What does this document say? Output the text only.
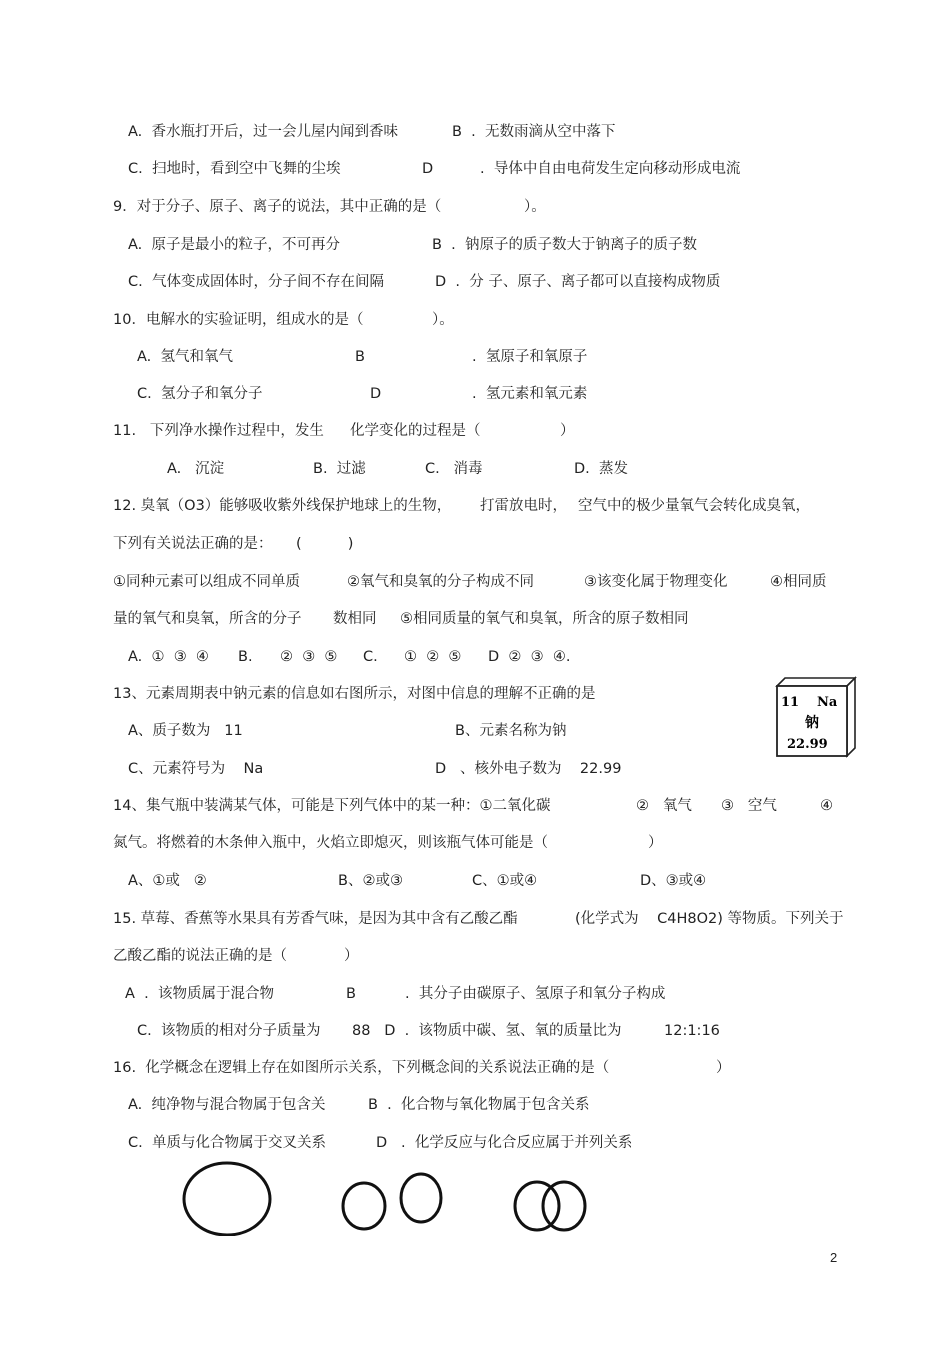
A.  香水瓶打开后，过一会儿屋内闻到香味	B  .  无数雨滴从空中落下
C.  扫地时，看到空中飞舞的尘埃	D	.  导体中自由电荷发生定向移动形成电流
9．对于分子、原子、离子的说法，其中正确的是（	）。
A.  原子是最小的粒子，不可再分	B  .  钠原子的质子数大于钠离子的质子数
C.  气体变成固体时，分子间不存在间隔	D  .  分 子、原子、离子都可以直接构成物质
10．电解水的实验证明，组成水的是（	）。
A.  氢气和氧气	B	.  氢原子和氧原子
C.  氢分子和氧分子	D	.  氢元素和氧元素
11.   下列净水操作过程中，发生 化学变化的过程是（	）
A.   沉淀	B.  过滤	C.   消毒	D.  蒸发
12. 臭氧（O3）能够吸收紫外线保护地球上的生物， 打雷放电时， 空气中的极少量氧气会转化成臭氧，
下列有关说法正确的是： (          )
①同种元素可以组成不同单质	②氧气和臭氧的分子构成不同	③该变化属于物理变化	④相同质
量的氧气和臭氧，所含的分子 数相同 ⑤相同质量的氧气和臭氧，所含的原子数相同
A.  ①  ③  ④ B. ②  ③  ⑤ C. ①  ②  ⑤ D  ②  ③  ④.
13、元素周期表中钠元素的信息如右图所示，对图中信息的理解不正确的是
A、质子数为   11	B、元素名称为钠
C、元素符号为    Na	D   、核外电子数为    22.99
14、集气瓶中装满某气体，可能是下列气体中的某一种：①二氧化碳	②   氧气 ③   空气	④
氮气。将燃着的木条伸入瓶中，火焰立即熄灭，则该瓶气体可能是（	）
A、①或   ②	B、②或③	C、①或④	D、③或④
15. 草莓、香蕉等水果具有芳香气味，是因为其中含有乙酸乙酯	(化学式为    C4H8O2) 等物质。下列关于
乙酸乙酯的说法正确的是（	）
A  .  该物质属于混合物	B	.  其分子由碳原子、氢原子和氧分子构成
C.  该物质的相对分子质量为 88   D  .  该物质中碳、氢、氧的质量比为	12:1:16
16.  化学概念在逻辑上存在如图所示关系，下列概念间的关系说法正确的是（	）
A.  纯净物与混合物属于包含关	B  .  化合物与氧化物属于包含关系
C.  单质与化合物属于交叉关系	D   .  化学反应与化合反应属于并列关系
11 Na
钠
22.99
2
